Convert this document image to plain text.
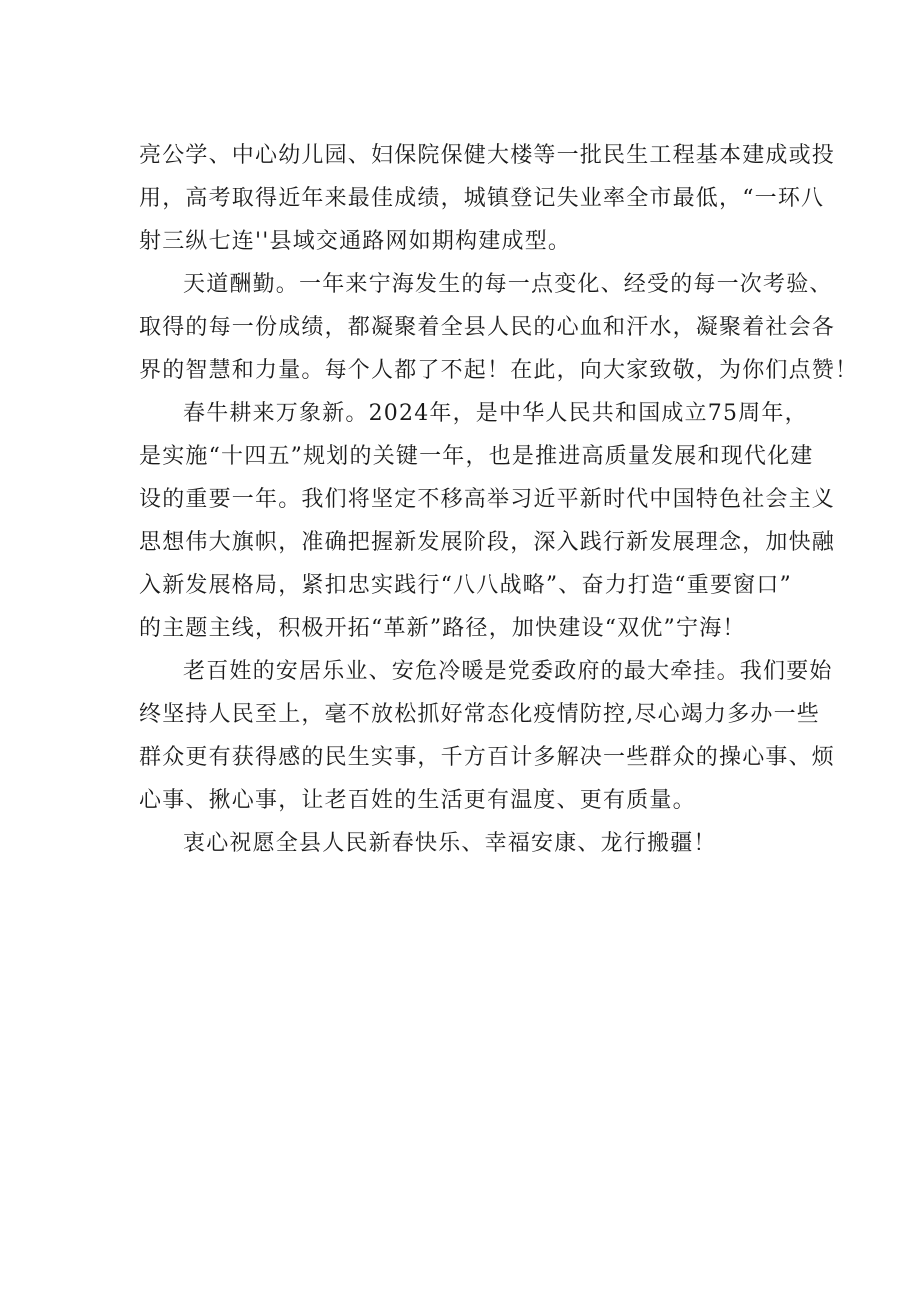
亮公学、中心幼儿园、妇保院保健大楼等一批民生工程基本建成或投
用，高考取得近年来最佳成绩，城镇登记失业率全市最低，“一环八
射三纵七连''县域交通路网如期构建成型。
天道酬勤。一年来宁海发生的每一点变化、经受的每一次考验、
取得的每一份成绩，都凝聚着全县人民的心血和汗水，凝聚着社会各
界的智慧和力量。每个人都了不起！在此，向大家致敬，为你们点赞！
春牛耕来万象新。2024年，是中华人民共和国成立75周年，
是实施“十四五”规划的关键一年，也是推进高质量发展和现代化建
设的重要一年。我们将坚定不移高举习近平新时代中国特色社会主义
思想伟大旗帜，准确把握新发展阶段，深入践行新发展理念，加快融
入新发展格局，紧扣忠实践行“八八战略”、奋力打造“重要窗口”
的主题主线，积极开拓“革新”路径，加快建设“双优”宁海！
老百姓的安居乐业、安危冷暖是党委政府的最大牵挂。我们要始
终坚持人民至上，毫不放松抓好常态化疫情防控,尽心竭力多办一些
群众更有获得感的民生实事，千方百计多解决一些群众的操心事、烦
心事、揪心事，让老百姓的生活更有温度、更有质量。
衷心祝愿全县人民新春快乐、幸福安康、龙行搬疆！
